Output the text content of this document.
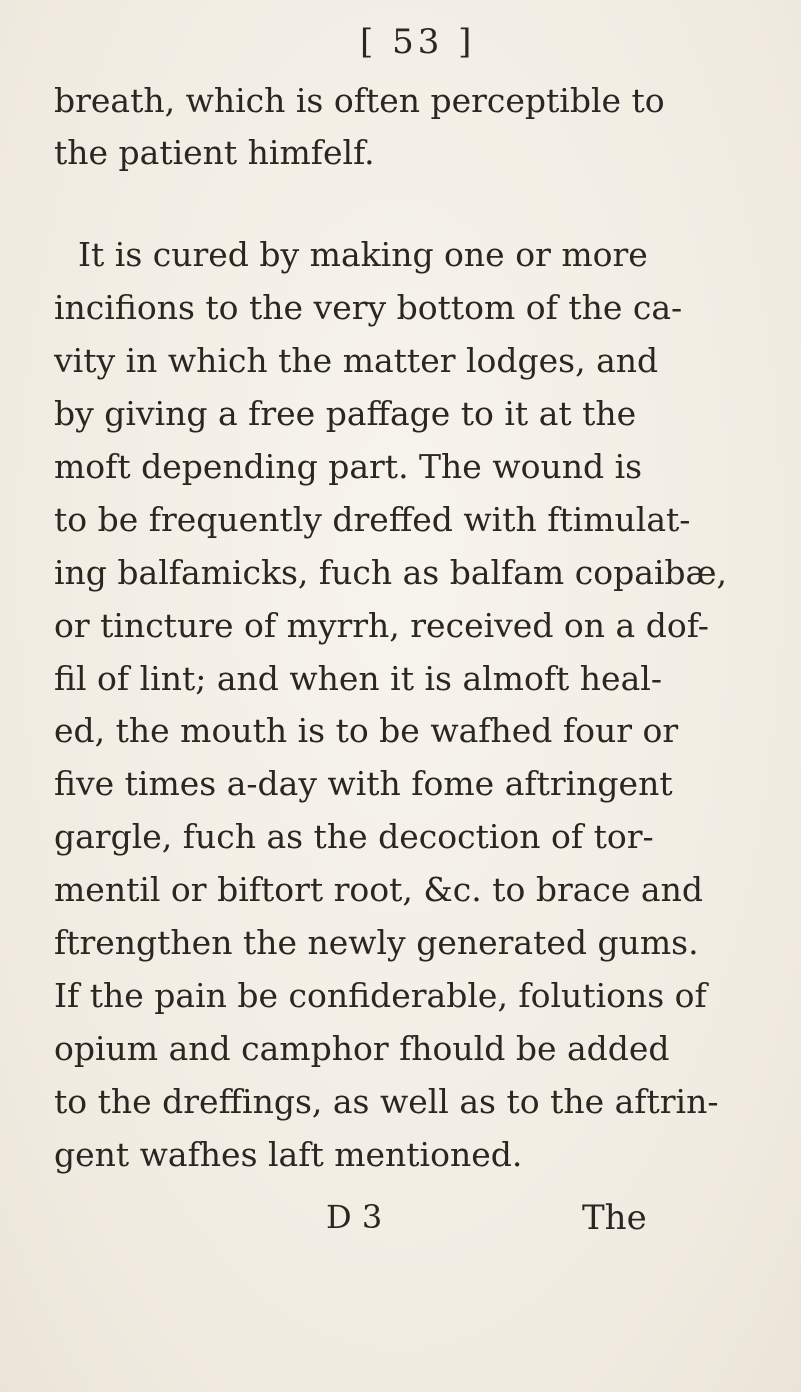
[ 53 ]
breath, which is often perceptible to
the patient himfelf.
It is cured by making one or more
incifions to the very bottom of the ca-
vity in which the matter lodges, and
by giving a free paffage to it at the
moft depending part. The wound is
to be frequently dreffed with ftimulat-
ing balfamicks, fuch as balfam copaibæ,
or tincture of myrrh, received on a dof-
fil of lint; and when it is almoft heal-
ed, the mouth is to be wafhed four or
five times a-day with fome aftringent
gargle, fuch as the decoction of tor-
mentil or biftort root, &c. to brace and
ftrengthen the newly generated gums.
If the pain be confiderable, folutions of
opium and camphor fhould be added
to the dreffings, as well as to the aftrin-
gent wafhes laft mentioned.
D 3	The
